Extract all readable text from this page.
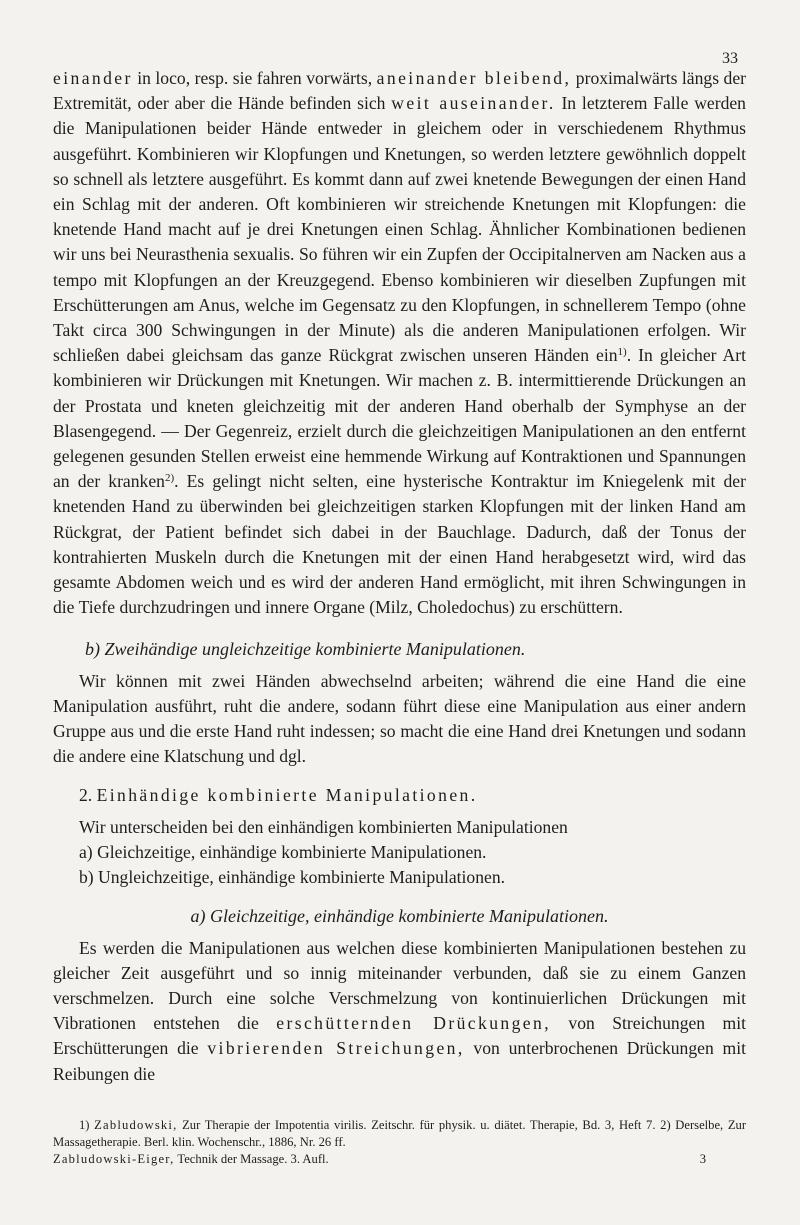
33

einander in loco, resp. sie fahren vorwärts, aneinander bleibend, proximalwärts längs der Extremität, oder aber die Hände befinden sich weit auseinander. In letzterem Falle werden die Manipulationen beider Hände entweder in gleichem oder in verschiedenem Rhythmus ausgeführt. Kombinieren wir Klopfungen und Knetungen, so werden letztere gewöhnlich doppelt so schnell als letztere ausgeführt. Es kommt dann auf zwei knetende Bewegungen der einen Hand ein Schlag mit der anderen. Oft kombinieren wir streichende Knetungen mit Klopfungen: die knetende Hand macht auf je drei Knetungen einen Schlag. Ähnlicher Kombinationen bedienen wir uns bei Neurasthenia sexualis. So führen wir ein Zupfen der Occipitalnerven am Nacken aus a tempo mit Klopfungen an der Kreuzgegend. Ebenso kombinieren wir dieselben Zupfungen mit Erschütterungen am Anus, welche im Gegensatz zu den Klopfungen, in schnellerem Tempo (ohne Takt circa 300 Schwingungen in der Minute) als die anderen Manipulationen erfolgen. Wir schließen dabei gleichsam das ganze Rückgrat zwischen unseren Händen ein$^{1)}$. In gleicher Art kombinieren wir Drückungen mit Knetungen. Wir machen z. B. intermittierende Drückungen an der Prostata und kneten gleichzeitig mit der anderen Hand oberhalb der Symphyse an der Blasengegend. — Der Gegenreiz, erzielt durch die gleichzeitigen Manipulationen an den entfernt gelegenen gesunden Stellen erweist eine hemmende Wirkung auf Kontraktionen und Spannungen an der kranken$^{2)}$. Es gelingt nicht selten, eine hysterische Kontraktur im Kniegelenk mit der knetenden Hand zu überwinden bei gleichzeitigen starken Klopfungen mit der linken Hand am Rückgrat, der Patient befindet sich dabei in der Bauchlage. Dadurch, daß der Tonus der kontrahierten Muskeln durch die Knetungen mit der einen Hand herabgesetzt wird, wird das gesamte Abdomen weich und es wird der anderen Hand ermöglicht, mit ihren Schwingungen in die Tiefe durchzudringen und innere Organe (Milz, Choledochus) zu erschüttern.

b) Zweihändige ungleichzeitige kombinierte Manipulationen.

Wir können mit zwei Händen abwechselnd arbeiten; während die eine Hand die eine Manipulation ausführt, ruht die andere, sodann führt diese eine Manipulation aus einer andern Gruppe aus und die erste Hand ruht indessen; so macht die eine Hand drei Knetungen und sodann die andere eine Klatschung und dgl.

2. Einhändige kombinierte Manipulationen.

Wir unterscheiden bei den einhändigen kombinierten Manipulationen

a) Gleichzeitige, einhändige kombinierte Manipulationen.
b) Ungleichzeitige, einhändige kombinierte Manipulationen.
a) Gleichzeitige, einhändige kombinierte Manipulationen.

Es werden die Manipulationen aus welchen diese kombinierten Manipulationen bestehen zu gleicher Zeit ausgeführt und so innig miteinander verbunden, daß sie zu einem Ganzen verschmelzen. Durch eine solche Verschmelzung von kontinuierlichen Drückungen mit Vibrationen entstehen die erschütternden Drückungen, von Streichungen mit Erschütterungen die vibrierenden Streichungen, von unterbrochenen Drückungen mit Reibungen die

1) Zabludowski, Zur Therapie der Impotentia virilis. Zeitschr. für physik. u. diätet. Therapie, Bd. 3, Heft 7. 2) Derselbe, Zur Massagetherapie. Berl. klin. Wochenschr., 1886, Nr. 26 ff.

Zabludowski-Eiger, Technik der Massage. 3. Aufl.	3
